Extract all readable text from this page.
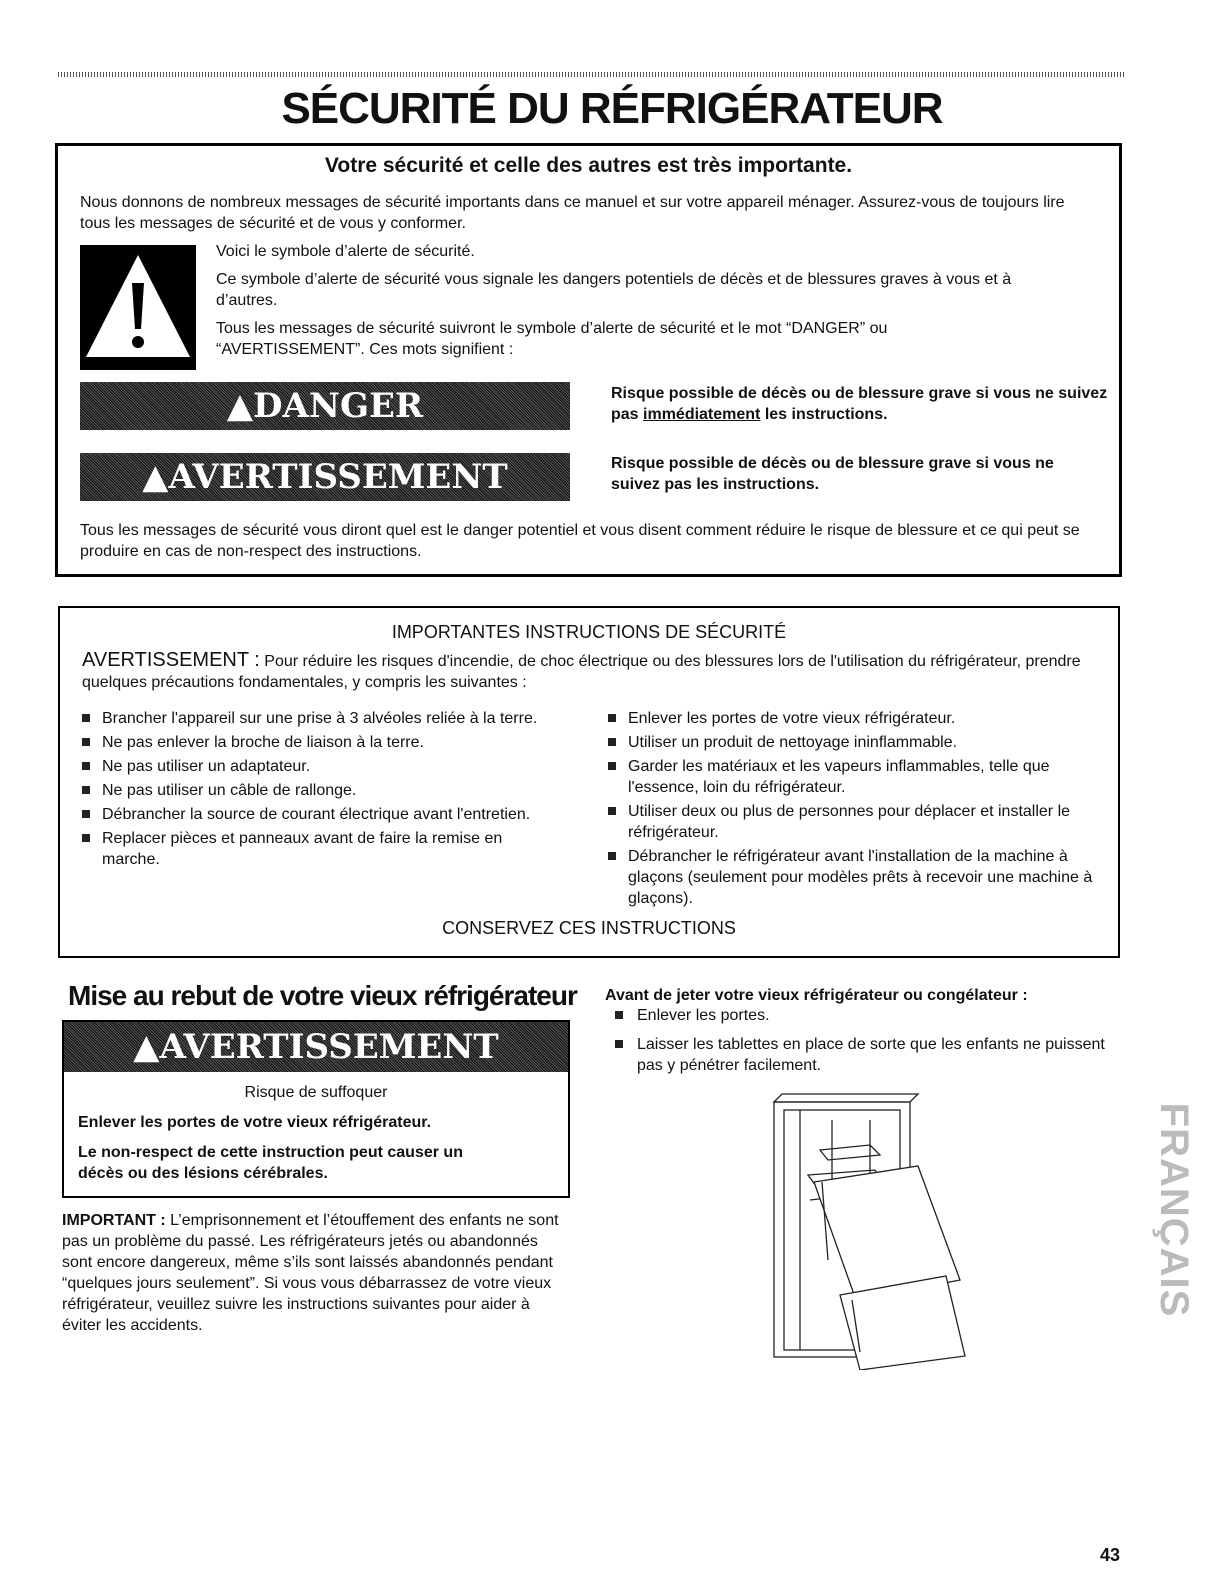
SÉCURITÉ DU RÉFRIGÉRATEUR
Votre sécurité et celle des autres est très importante.
Nous donnons de nombreux messages de sécurité importants dans ce manuel et sur votre appareil ménager. Assurez-vous de toujours lire tous les messages de sécurité et de vous y conformer.
Voici le symbole d’alerte de sécurité.
Ce symbole d’alerte de sécurité vous signale les dangers potentiels de décès et de blessures graves à vous et à d’autres.
Tous les messages de sécurité suivront le symbole d’alerte de sécurité et le mot “DANGER” ou “AVERTISSEMENT”. Ces mots signifient :
▲DANGER	Risque possible de décès ou de blessure grave si vous ne suivez pas immédiatement les instructions.
▲AVERTISSEMENT	Risque possible de décès ou de blessure grave si vous ne suivez pas les instructions.
Tous les messages de sécurité vous diront quel est le danger potentiel et vous disent comment réduire le risque de blessure et ce qui peut se produire en cas de non-respect des instructions.
IMPORTANTES INSTRUCTIONS DE SÉCURITÉ
AVERTISSEMENT : Pour réduire les risques d'incendie, de choc électrique ou des blessures lors de l'utilisation du réfrigérateur, prendre quelques précautions fondamentales, y compris les suivantes :
Brancher l'appareil sur une prise à 3 alvéoles reliée à la terre.
Ne pas enlever la broche de liaison à la terre.
Ne pas utiliser un adaptateur.
Ne pas utiliser un câble de rallonge.
Débrancher la source de courant électrique avant l'entretien.
Replacer pièces et panneaux avant de faire la remise en marche.
Enlever les portes de votre vieux réfrigérateur.
Utiliser un produit de nettoyage ininflammable.
Garder les matériaux et les vapeurs inflammables, telle que l'essence, loin du réfrigérateur.
Utiliser deux ou plus de personnes pour déplacer et installer le réfrigérateur.
Débrancher le réfrigérateur avant l'installation de la machine à glaçons (seulement pour modèles prêts à recevoir une machine à glaçons).
CONSERVEZ CES INSTRUCTIONS
Mise au rebut de votre vieux réfrigérateur
▲AVERTISSEMENT
Risque de suffoquer
Enlever les portes de votre vieux réfrigérateur.
Le non-respect de cette instruction peut causer un décès ou des lésions cérébrales.
IMPORTANT : L’emprisonnement et l’étouffement des enfants ne sont pas un problème du passé. Les réfrigérateurs jetés ou abandonnés sont encore dangereux, même s’ils sont laissés abandonnés pendant “quelques jours seulement”. Si vous vous débarrassez de votre vieux réfrigérateur, veuillez suivre les instructions suivantes pour aider à éviter les accidents.
Avant de jeter votre vieux réfrigérateur ou congélateur :
Enlever les portes.
Laisser les tablettes en place de sorte que les enfants ne puissent pas y pénétrer facilement.
FRANÇAIS
43
